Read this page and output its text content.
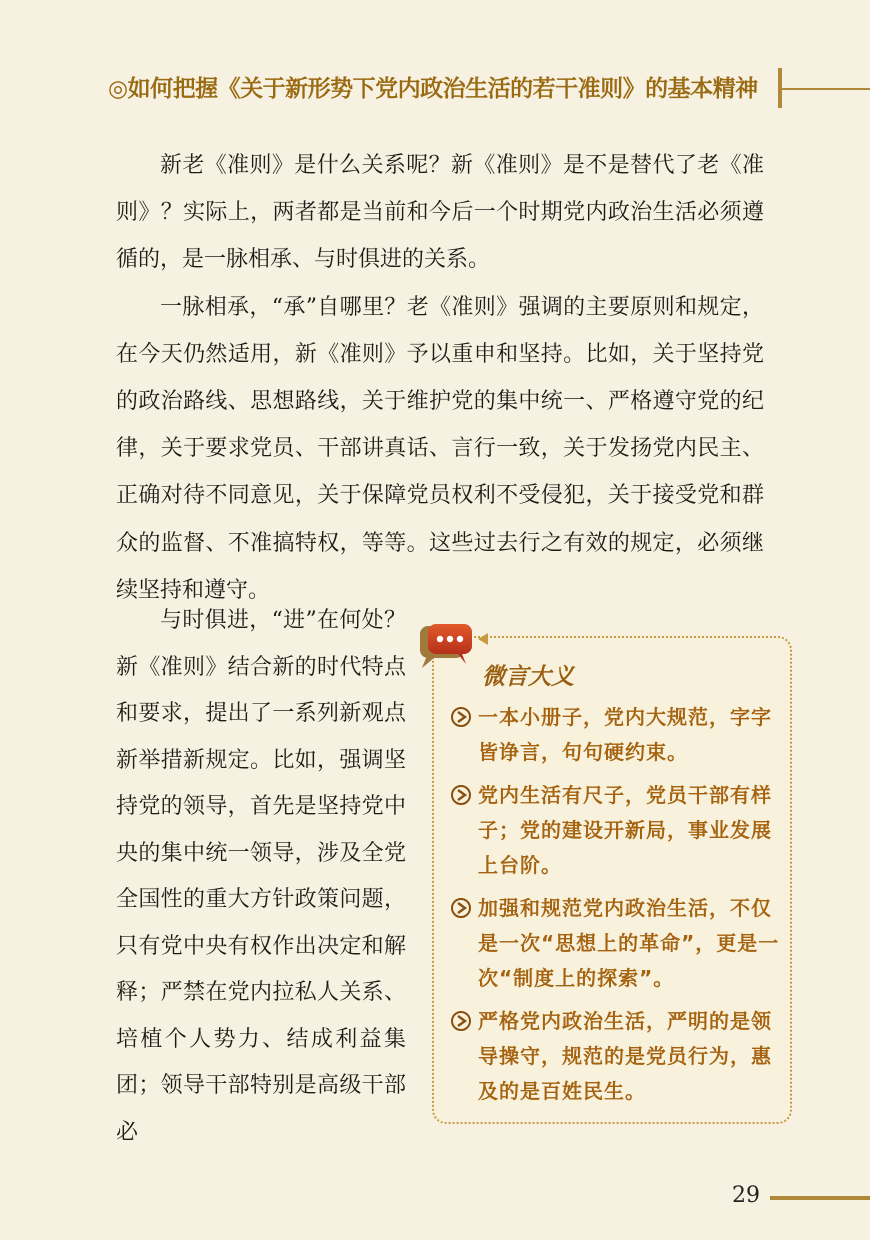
◎如何把握《关于新形势下党内政治生活的若干准则》的基本精神

新老《准则》是什么关系呢？新《准则》是不是替代了老《准则》？实际上，两者都是当前和今后一个时期党内政治生活必须遵循的，是一脉相承、与时俱进的关系。

一脉相承，“承”自哪里？老《准则》强调的主要原则和规定，在今天仍然适用，新《准则》予以重申和坚持。比如，关于坚持党的政治路线、思想路线，关于维护党的集中统一、严格遵守党的纪律，关于要求党员、干部讲真话、言行一致，关于发扬党内民主、正确对待不同意见，关于保障党员权利不受侵犯，关于接受党和群众的监督、不准搞特权，等等。这些过去行之有效的规定，必须继续坚持和遵守。

与时俱进，“进”在何处？新《准则》结合新的时代特点和要求，提出了一系列新观点新举措新规定。比如，强调坚持党的领导，首先是坚持党中央的集中统一领导，涉及全党全国性的重大方针政策问题，只有党中央有权作出决定和解释；严禁在党内拉私人关系、培植个人势力、结成利益集团；领导干部特别是高级干部必

微言大义
一本小册子，党内大规范，字字皆诤言，句句硬约束。
党内生活有尺子，党员干部有样子；党的建设开新局，事业发展上台阶。
加强和规范党内政治生活，不仅是一次“思想上的革命”，更是一次“制度上的探索”。
严格党内政治生活，严明的是领导操守，规范的是党员行为，惠及的是百姓民生。
29
